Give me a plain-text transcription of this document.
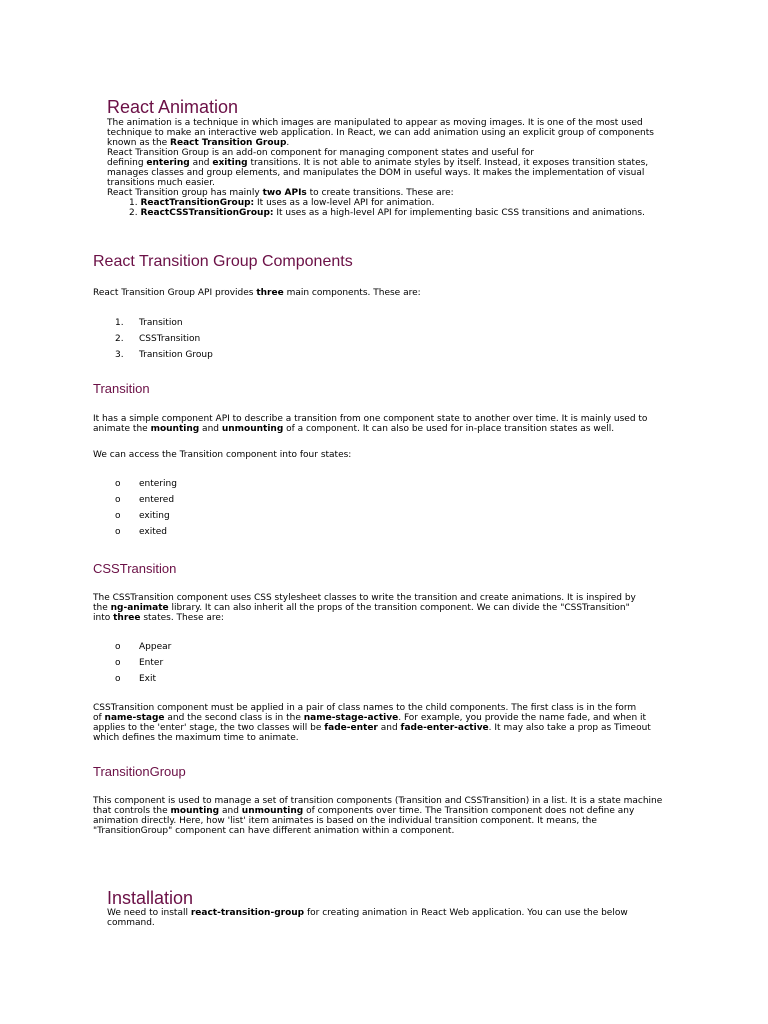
React Animation
The animation is a technique in which images are manipulated to appear as moving images. It is one of the most used
technique to make an interactive web application. In React, we can add animation using an explicit group of components
known as the React Transition Group.
React Transition Group is an add-on component for managing component states and useful for
defining entering and exiting transitions. It is not able to animate styles by itself. Instead, it exposes transition states,
manages classes and group elements, and manipulates the DOM in useful ways. It makes the implementation of visual
transitions much easier.
React Transition group has mainly two APIs to create transitions. These are:
1. ReactTransitionGroup: It uses as a low-level API for animation.
2. ReactCSSTransitionGroup: It uses as a high-level API for implementing basic CSS transitions and animations.
React Transition Group Components
React Transition Group API provides three main components. These are:
1. Transition
2. CSSTransition
3. Transition Group
Transition
It has a simple component API to describe a transition from one component state to another over time. It is mainly used to
animate the mounting and unmounting of a component. It can also be used for in-place transition states as well.
We can access the Transition component into four states:
o entering
o entered
o exiting
o exited
CSSTransition
The CSSTransition component uses CSS stylesheet classes to write the transition and create animations. It is inspired by
the ng-animate library. It can also inherit all the props of the transition component. We can divide the "CSSTransition"
into three states. These are:
o Appear
o Enter
o Exit
CSSTransition component must be applied in a pair of class names to the child components. The first class is in the form
of name-stage and the second class is in the name-stage-active. For example, you provide the name fade, and when it
applies to the 'enter' stage, the two classes will be fade-enter and fade-enter-active. It may also take a prop as Timeout
which defines the maximum time to animate.
TransitionGroup
This component is used to manage a set of transition components (Transition and CSSTransition) in a list. It is a state machine
that controls the mounting and unmounting of components over time. The Transition component does not define any
animation directly. Here, how 'list' item animates is based on the individual transition component. It means, the
"TransitionGroup" component can have different animation within a component.
Installation
We need to install react-transition-group for creating animation in React Web application. You can use the below
command.
